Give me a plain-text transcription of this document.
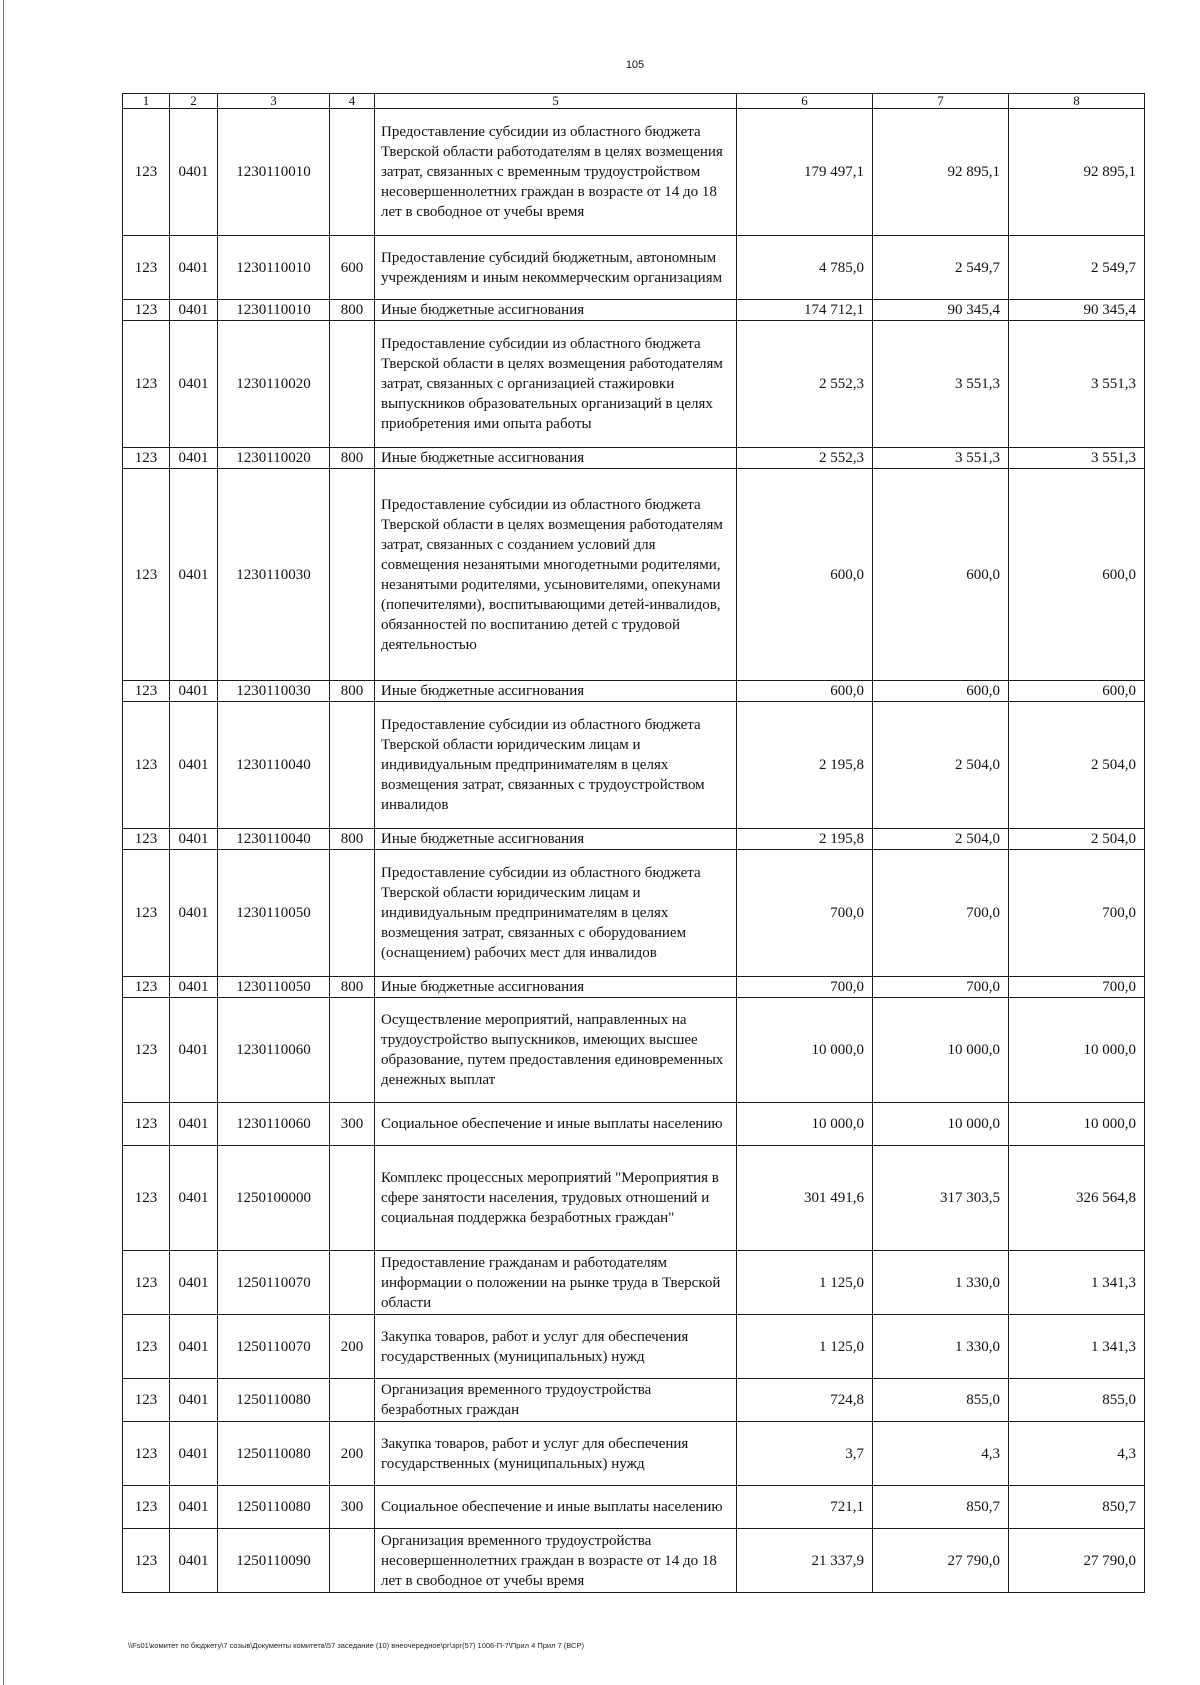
105
1	2	3	4	5	6	7	8
123	0401	1230110010		Предоставление субсидии из областного бюджета Тверской области работодателям в целях возмещения затрат, связанных с временным трудоустройством несовершеннолетних граждан в возрасте от 14 до 18 лет в свободное от учебы время	179 497,1	92 895,1	92 895,1
123	0401	1230110010	600	Предоставление субсидий бюджетным, автономным учреждениям и иным некоммерческим организациям	4 785,0	2 549,7	2 549,7
123	0401	1230110010	800	Иные бюджетные ассигнования	174 712,1	90 345,4	90 345,4
123	0401	1230110020		Предоставление субсидии из областного бюджета Тверской области в целях возмещения работодателям затрат, связанных с организацией стажировки выпускников образовательных организаций в целях приобретения ими опыта работы	2 552,3	3 551,3	3 551,3
123	0401	1230110020	800	Иные бюджетные ассигнования	2 552,3	3 551,3	3 551,3
123	0401	1230110030		Предоставление субсидии из областного бюджета Тверской области в целях возмещения работодателям затрат, связанных с созданием условий для совмещения незанятыми многодетными родителями, незанятыми родителями, усыновителями, опекунами (попечителями), воспитывающими детей-инвалидов, обязанностей по воспитанию детей с трудовой деятельностью	600,0	600,0	600,0
123	0401	1230110030	800	Иные бюджетные ассигнования	600,0	600,0	600,0
123	0401	1230110040		Предоставление субсидии из областного бюджета Тверской области юридическим лицам и индивидуальным предпринимателям в целях возмещения затрат, связанных с трудоустройством инвалидов	2 195,8	2 504,0	2 504,0
123	0401	1230110040	800	Иные бюджетные ассигнования	2 195,8	2 504,0	2 504,0
123	0401	1230110050		Предоставление субсидии из областного бюджета Тверской области юридическим лицам и индивидуальным предпринимателям в целях возмещения затрат, связанных с оборудованием (оснащением) рабочих мест для инвалидов	700,0	700,0	700,0
123	0401	1230110050	800	Иные бюджетные ассигнования	700,0	700,0	700,0
123	0401	1230110060		Осуществление мероприятий, направленных на трудоустройство выпускников, имеющих высшее образование, путем предоставления единовременных денежных выплат	10 000,0	10 000,0	10 000,0
123	0401	1230110060	300	Социальное обеспечение и иные выплаты населению	10 000,0	10 000,0	10 000,0
123	0401	1250100000		Комплекс процессных мероприятий "Мероприятия в сфере занятости населения, трудовых отношений и социальная поддержка безработных граждан"	301 491,6	317 303,5	326 564,8
123	0401	1250110070		Предоставление гражданам и работодателям информации о положении на рынке труда в Тверской области	1 125,0	1 330,0	1 341,3
123	0401	1250110070	200	Закупка товаров, работ и услуг для обеспечения государственных (муниципальных) нужд	1 125,0	1 330,0	1 341,3
123	0401	1250110080		Организация временного трудоустройства безработных граждан	724,8	855,0	855,0
123	0401	1250110080	200	Закупка товаров, работ и услуг для обеспечения государственных (муниципальных) нужд	3,7	4,3	4,3
123	0401	1250110080	300	Социальное обеспечение и иные выплаты населению	721,1	850,7	850,7
123	0401	1250110090		Организация временного трудоустройства несовершеннолетних граждан в возрасте от 14 до 18 лет в свободное от учебы время	21 337,9	27 790,0	27 790,0
\\Fs01\комитет по бюджету\7 созыв\Документы комитета\57 заседание (10) внеочередное\рг\зрг(57) 1006-П-7\Прил 4 Прил 7 (ВСР)
